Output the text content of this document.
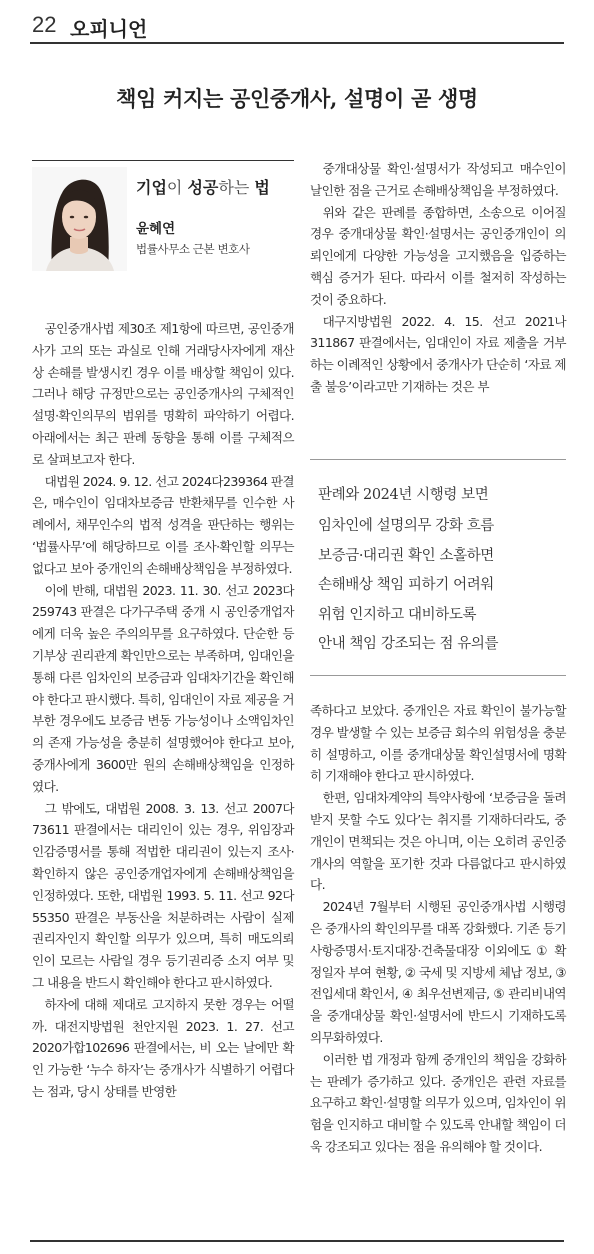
22 오피니언
책임 커지는 공인중개사, 설명이 곧 생명
기업이 성공하는 법
윤혜연
법률사무소 근본 변호사

공인중개사법 제30조 제1항에 따르면, 공인중개사가 고의 또는 과실로 인해 거래당사자에게 재산상 손해를 발생시킨 경우 이를 배상할 책임이 있다. 그러나 해당 규정만으로는 공인중개사의 구체적인 설명·확인의무의 범위를 명확히 파악하기 어렵다. 아래에서는 최근 판례 동향을 통해 이를 구체적으로 살펴보고자 한다.

대법원 2024. 9. 12. 선고 2024다239364 판결은, 매수인이 임대차보증금 반환채무를 인수한 사례에서, 채무인수의 법적 성격을 판단하는 행위는 ‘법률사무’에 해당하므로 이를 조사·확인할 의무는 없다고 보아 중개인의 손해배상책임을 부정하였다.

이에 반해, 대법원 2023. 11. 30. 선고 2023다259743 판결은 다가구주택 중개 시 공인중개업자에게 더욱 높은 주의의무를 요구하였다. 단순한 등기부상 권리관계 확인만으로는 부족하며, 임대인을 통해 다른 임차인의 보증금과 임대차기간을 확인해야 한다고 판시했다. 특히, 임대인이 자료 제공을 거부한 경우에도 보증금 변동 가능성이나 소액임차인의 존재 가능성을 충분히 설명했어야 한다고 보아, 중개사에게 3600만 원의 손해배상책임을 인정하였다.

그 밖에도, 대법원 2008. 3. 13. 선고 2007다73611 판결에서는 대리인이 있는 경우, 위임장과 인감증명서를 통해 적법한 대리권이 있는지 조사·확인하지 않은 공인중개업자에게 손해배상책임을 인정하였다. 또한, 대법원 1993. 5. 11. 선고 92다55350 판결은 부동산을 처분하려는 사람이 실제 권리자인지 확인할 의무가 있으며, 특히 매도의뢰인이 모르는 사람일 경우 등기권리증 소지 여부 및 그 내용을 반드시 확인해야 한다고 판시하였다.

하자에 대해 제대로 고지하지 못한 경우는 어떨까. 대전지방법원 천안지원 2023. 1. 27. 선고 2020가합102696 판결에서는, 비 오는 날에만 확인 가능한 ‘누수 하자’는 중개사가 식별하기 어렵다는 점과, 당시 상태를 반영한

중개대상물 확인·설명서가 작성되고 매수인이 날인한 점을 근거로 손해배상책임을 부정하였다.

위와 같은 판례를 종합하면, 소송으로 이어질 경우 중개대상물 확인·설명서는 공인중개인이 의뢰인에게 다양한 가능성을 고지했음을 입증하는 핵심 증거가 된다. 따라서 이를 철저히 작성하는 것이 중요하다.

대구지방법원 2022. 4. 15. 선고 2021나311867 판결에서는, 임대인이 자료 제출을 거부하는 이례적인 상황에서 중개사가 단순히 ‘자료 제출 불응’이라고만 기재하는 것은 부

판례와 2024년 시행령 보면
임차인에 설명의무 강화 흐름
보증금·대리권 확인 소홀하면
손해배상 책임 피하기 어려워
위험 인지하고 대비하도록
안내 책임 강조되는 점 유의를

족하다고 보았다. 중개인은 자료 확인이 불가능할 경우 발생할 수 있는 보증금 회수의 위험성을 충분히 설명하고, 이를 중개대상물 확인설명서에 명확히 기재해야 한다고 판시하였다.

한편, 임대차계약의 특약사항에 ‘보증금을 돌려받지 못할 수도 있다’는 취지를 기재하더라도, 중개인이 면책되는 것은 아니며, 이는 오히려 공인중개사의 역할을 포기한 것과 다름없다고 판시하였다.

2024년 7월부터 시행된 공인중개사법 시행령은 중개사의 확인의무를 대폭 강화했다. 기존 등기사항증명서·토지대장·건축물대장 이외에도 ① 확정일자 부여 현황, ② 국세 및 지방세 체납 정보, ③ 전입세대 확인서, ④ 최우선변제금, ⑤ 관리비내역을 중개대상물 확인·설명서에 반드시 기재하도록 의무화하였다.

이러한 법 개정과 함께 중개인의 책임을 강화하는 판례가 증가하고 있다. 중개인은 관련 자료를 요구하고 확인·설명할 의무가 있으며, 임차인이 위험을 인지하고 대비할 수 있도록 안내할 책임이 더욱 강조되고 있다는 점을 유의해야 할 것이다.
